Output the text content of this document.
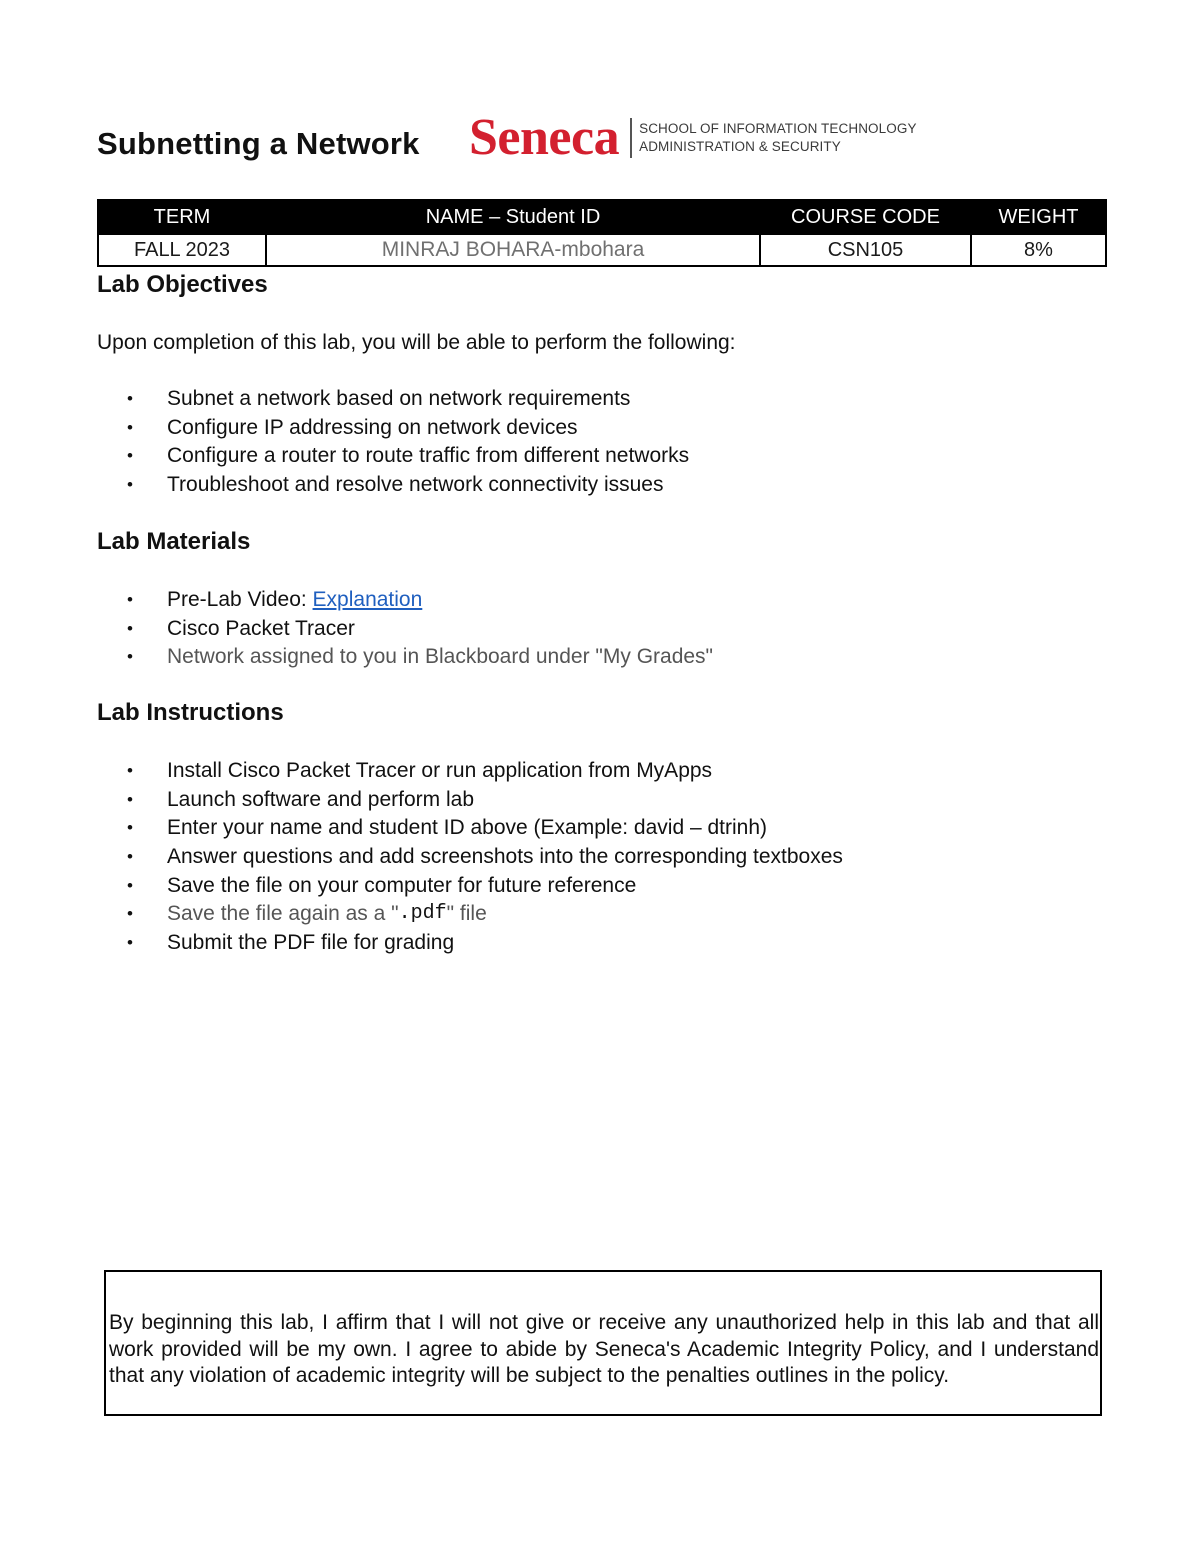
Subnetting a Network Seneca SCHOOL OF INFORMATION TECHNOLOGY
ADMINISTRATION & SECURITY
TERM	NAME – Student ID	COURSE CODE	WEIGHT
FALL 2023	MINRAJ BOHARA-mbohara	CSN105	8%
Lab Objectives

Upon completion of this lab, you will be able to perform the following:

•	Subnet a network based on network requirements
•	Configure IP addressing on network devices
•	Configure a router to route traffic from different networks
•	Troubleshoot and resolve network connectivity issues
Lab Materials
•	Pre-Lab Video: Explanation
•	Cisco Packet Tracer
•	Network assigned to you in Blackboard under "My Grades"
Lab Instructions
•	Install Cisco Packet Tracer or run application from MyApps
•	Launch software and perform lab
•	Enter your name and student ID above (Example: david – dtrinh)
•	Answer questions and add screenshots into the corresponding textboxes
•	Save the file on your computer for future reference
•	Save the file again as a " .pdf " file
•	Submit the PDF file for grading

By beginning this lab, I affirm that I will not give or receive any unauthorized help in this lab and that all work provided will be my own. I agree to abide by Seneca's Academic Integrity Policy, and I understand that any violation of academic integrity will be subject to the penalties outlines in the policy.
